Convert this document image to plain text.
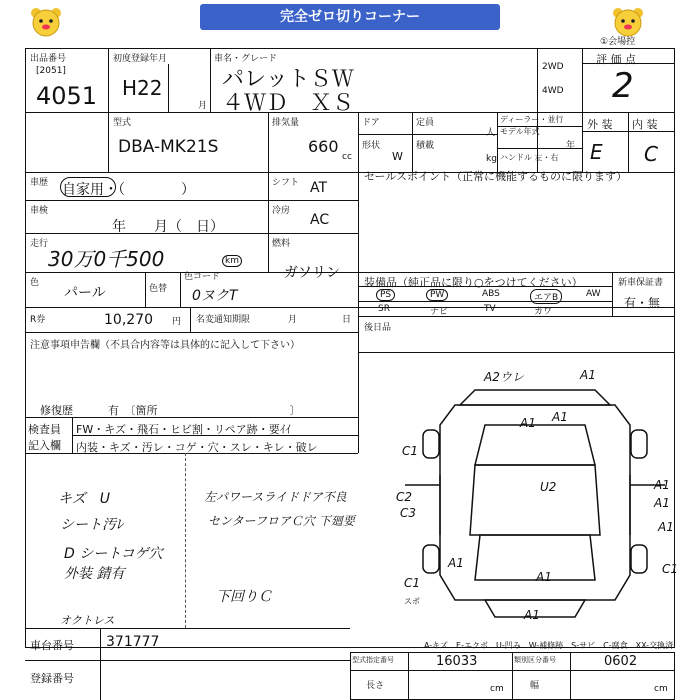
完全ゼロ切りコーナー
①会場控
出品番号
[2051]
4051
初度登録年月
H22
月
車名・グレード
パレットＳＷ
４ＷＤ　ＸＳ
2WD
4WD
評 価 点
2
型式
DBA-MK21S
排気量
660
cc
ドア	定員
人
形状
W
積載
kg
ディーラー・並行
モデル年式
年
ハンドル 左・右
外 装 内 装
E C
車歴 自家用・（　　　　）	シフト AT
セールスポイント（正常に機能するものに限ります）
車検
年　　月（　日）
冷房
AC
走行
30万0千500	km
燃料
ガソリン
色
パール	色替
色コード
0ヌクT
装備品（純正品に限り○をつけてください）	新車保証書
有・無
PS	PW	ABS	エアB	AW
SR	ナビ	TV	カワ
R券	10,270 円 名変通知期限	月	日
後日品
注意事項申告欄（不具合内容等は具体的に記入して下さい）
修復歴	有　〔箇所　　　　　　　　　　　　〕
検査員
記入欄
FW・キズ・飛石・ヒビ割・リペア跡・要ｲｲ
内装・キズ・汚レ・コゲ・穴・スレ・キレ・破レ
キズ　U
シート汚ﾚ
D シートコゲ穴
外装 錆有
左パワースライドドア不良
センターフロアＣ穴 下廻要
下回りＣ
オクトレス
A2ウレ	A1
A1 A1
U2
C1
C2
C3
A1
A1
A1
C1
A1
A1
C1
A1
スポ
A-キズ　E-エクボ　U-凹み　W-補修跡　S-サビ　C-腐食　XX-交換済
車台番号 371777
登録番号
型式指定番号	16033	類別区分番号	0602
長さ	cm	幅	cm
